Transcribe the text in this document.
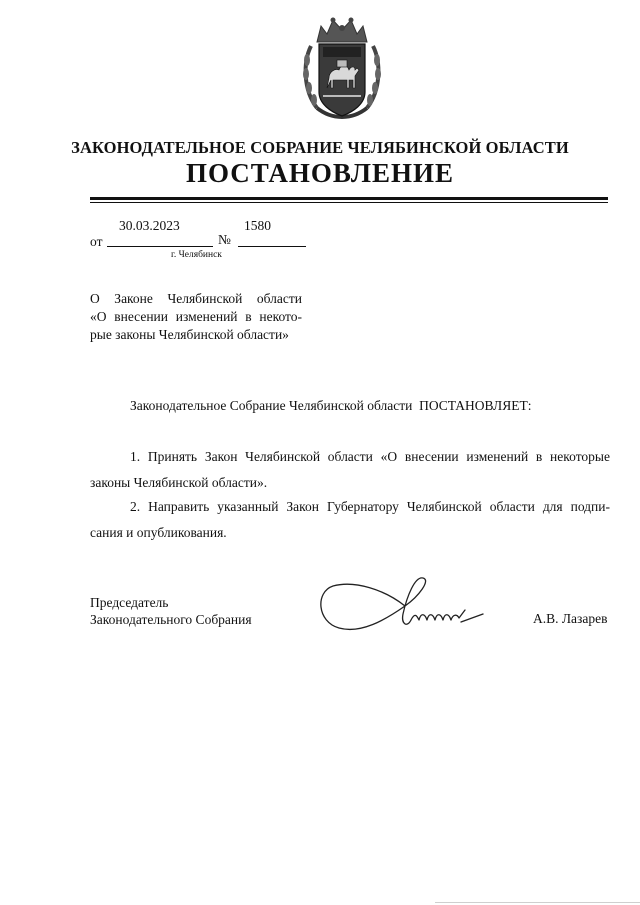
ЗАКОНОДАТЕЛЬНОЕ СОБРАНИЕ ЧЕЛЯБИНСКОЙ ОБЛАСТИ
ПОСТАНОВЛЕНИЕ
30.03.2023	1580
от	№
г. Челябинск
О Законе Челябинской области
«О внесении изменений в некото-
рые законы Челябинской области»
Законодательное Собрание Челябинской области  ПОСТАНОВЛЯЕТ:
1. Принять Закон Челябинской области «О внесении изменений в некоторые
законы Челябинской области».
2. Направить указанный Закон Губернатору Челябинской области для подпи-
сания и опубликования.
Председатель
Законодательного Собрания	А.В. Лазарев
